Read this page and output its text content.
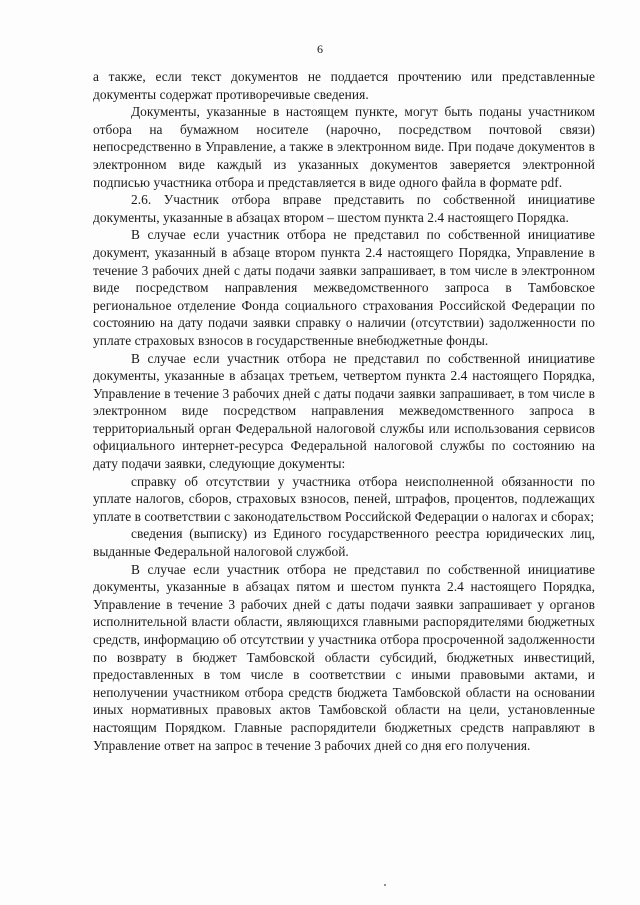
6

а также, если текст документов не поддается прочтению или представленные документы содержат противоречивые сведения.

Документы, указанные в настоящем пункте, могут быть поданы участником отбора на бумажном носителе (нарочно, посредством почтовой связи) непосредственно в Управление, а также в электронном виде. При подаче документов в электронном виде каждый из указанных документов заверяется электронной подписью участника отбора и представляется в виде одного файла в формате pdf.

2.6. Участник отбора вправе представить по собственной инициативе документы, указанные в абзацах втором – шестом пункта 2.4 настоящего Порядка.

В случае если участник отбора не представил по собственной инициативе документ, указанный в абзаце втором пункта 2.4 настоящего Порядка, Управление в течение 3 рабочих дней с даты подачи заявки запрашивает, в том числе в электронном виде посредством направления межведомственного запроса в Тамбовское региональное отделение Фонда социального страхования Российской Федерации по состоянию на дату подачи заявки справку о наличии (отсутствии) задолженности по уплате страховых взносов в государственные внебюджетные фонды.

В случае если участник отбора не представил по собственной инициативе документы, указанные в абзацах третьем, четвертом пункта 2.4 настоящего Порядка, Управление в течение 3 рабочих дней с даты подачи заявки запрашивает, в том числе в электронном виде посредством направления межведомственного запроса в территориальный орган Федеральной налоговой службы или использования сервисов официального интернет-ресурса Федеральной налоговой службы по состоянию на дату подачи заявки, следующие документы:

справку об отсутствии у участника отбора неисполненной обязанности по уплате налогов, сборов, страховых взносов, пеней, штрафов, процентов, подлежащих уплате в соответствии с законодательством Российской Федерации о налогах и сборах;

сведения (выписку) из Единого государственного реестра юридических лиц, выданные Федеральной налоговой службой.

В случае если участник отбора не представил по собственной инициативе документы, указанные в абзацах пятом и шестом пункта 2.4 настоящего Порядка, Управление в течение 3 рабочих дней с даты подачи заявки запрашивает у органов исполнительной власти области, являющихся главными распорядителями бюджетных средств, информацию об отсутствии у участника отбора просроченной задолженности по возврату в бюджет Тамбовской области субсидий, бюджетных инвестиций, предоставленных в том числе в соответствии с иными правовыми актами, и неполучении участником отбора средств бюджета Тамбовской области на основании иных нормативных правовых актов Тамбовской области на цели, установленные настоящим Порядком. Главные распорядители бюджетных средств направляют в Управление ответ на запрос в течение 3 рабочих дней со дня его получения.
